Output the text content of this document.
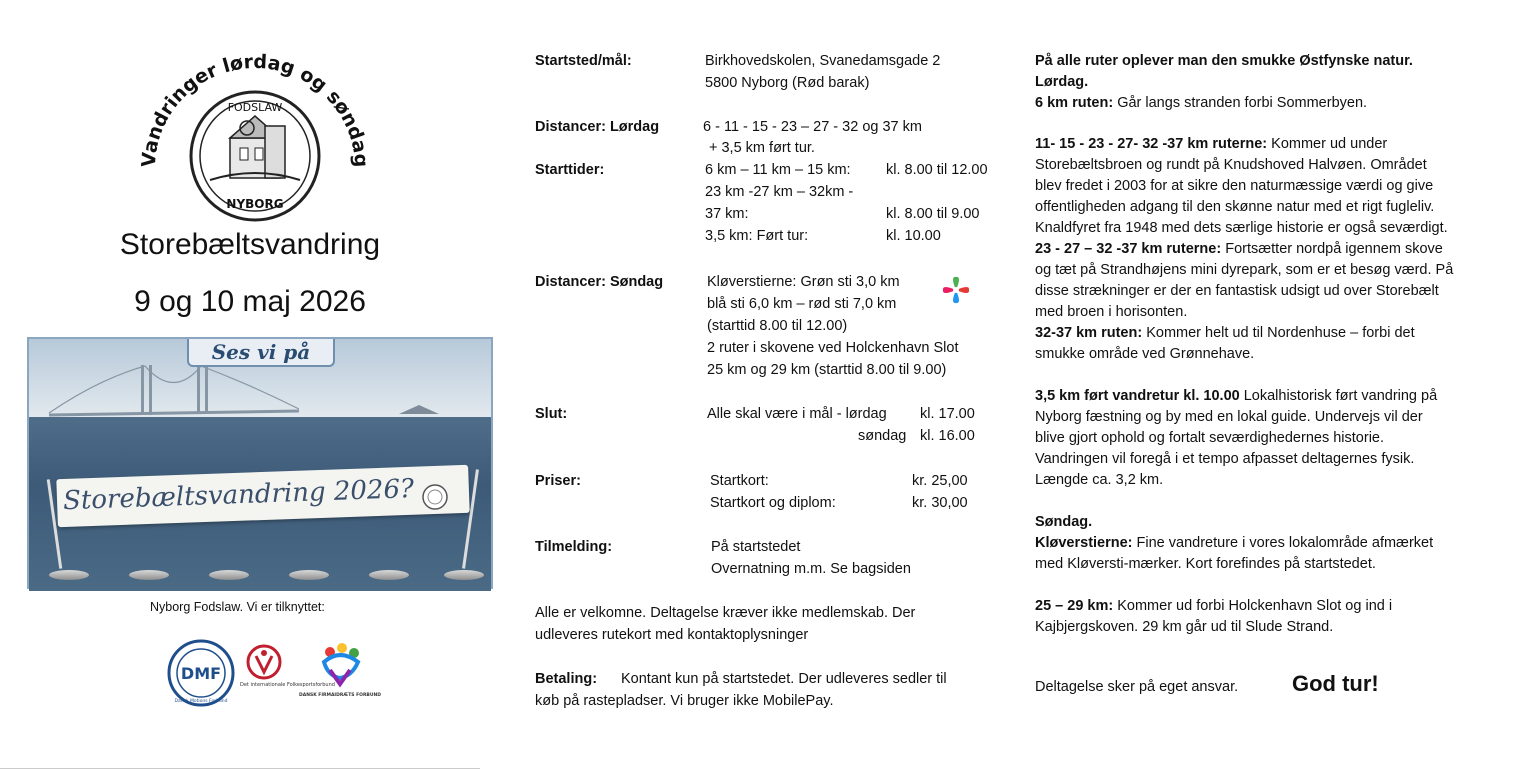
Vandringer lørdag og søndag
FODSLAW
NYBORG
Storebæltsvandring
9 og 10 maj 2026
Ses vi på
Storebæltsvandring 2026?
Nyborg Fodslaw. Vi er tilknyttet:
DMF
Dansk Motions Forbund
Det internationale Folkesportsforbund
DANSK FIRMAIDRÆTS FORBUND
Startsted/mål:	Birkhovedskolen, Svanedamsgade 2
5800 Nyborg (Rød barak)
Distancer: Lørdag	6 - 11 - 15 - 23 – 27 - 32 og 37 km
+ 3,5 km ført tur.
Starttider:	6 km – 11 km – 15 km: kl. 8.00 til 12.00
23 km -27 km – 32km -
37 km:	kl. 8.00 til 9.00
3,5 km: Ført tur:	kl. 10.00
Distancer: Søndag	Kløverstierne: Grøn sti 3,0 km
blå sti 6,0 km – rød sti 7,0 km
(starttid 8.00 til 12.00)
2 ruter i skovene ved Holckenhavn Slot
25 km og 29 km (starttid 8.00 til 9.00)
Slut:	Alle skal være i mål - lørdag kl. 17.00
søndag kl. 16.00
Priser:	Startkort:	kr. 25,00
Startkort og diplom:	kr. 30,00
Tilmelding:	På startstedet
Overnatning m.m. Se bagsiden
Alle er velkomne. Deltagelse kræver ikke medlemskab. Der
udleveres rutekort med kontaktoplysninger
Betaling: Kontant kun på startstedet. Der udleveres sedler til
køb på rastepladser. Vi bruger ikke MobilePay.
På alle ruter oplever man den smukke Østfynske natur.
Lørdag.
6 km ruten: Går langs stranden forbi Sommerbyen.
11- 15 - 23 - 27- 32 -37 km ruterne: Kommer ud under
Storebæltsbroen og rundt på Knudshoved Halvøen. Området
blev fredet i 2003 for at sikre den naturmæssige værdi og give
offentligheden adgang til den skønne natur med et rigt fugleliv.
Knaldfyret fra 1948 med dets særlige historie er også seværdigt.
23 - 27 – 32 -37 km ruterne: Fortsætter nordpå igennem skove
og tæt på Strandhøjens mini dyrepark, som er et besøg værd. På
disse strækninger er der en fantastisk udsigt ud over Storebælt
med broen i horisonten.
32-37 km ruten: Kommer helt ud til Nordenhuse – forbi det
smukke område ved Grønnehave.
3,5 km ført vandretur kl. 10.00 Lokalhistorisk ført vandring på
Nyborg fæstning og by med en lokal guide. Undervejs vil der
blive gjort ophold og fortalt seværdighedernes historie.
Vandringen vil foregå i et tempo afpasset deltagernes fysik.
Længde ca. 3,2 km.
Søndag.
Kløverstierne: Fine vandreture i vores lokalområde afmærket
med Kløversti-mærker. Kort forefindes på startstedet.
25 – 29 km: Kommer ud forbi Holckenhavn Slot og ind i
Kajbjergskoven. 29 km går ud til Slude Strand.
Deltagelse sker på eget ansvar. God tur!
